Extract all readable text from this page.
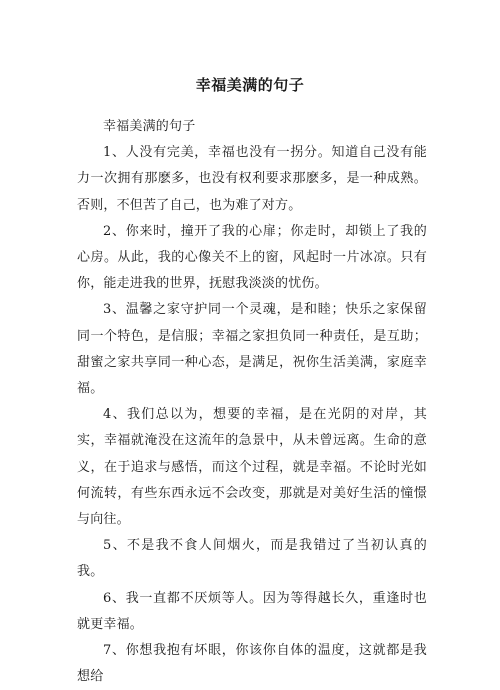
幸福美满的句子

幸福美满的句子

1、人没有完美，幸福也没有一拐分。知道自己没有能力一次拥有那麽多，也没有权利要求那麽多，是一种成熟。否则，不但苦了自己，也为难了对方。

2、你来时，撞开了我的心扉；你走时，却锁上了我的心房。从此，我的心像关不上的窗，风起时一片冰凉。只有你，能走进我的世界，抚慰我淡淡的忧伤。

3、温馨之家守护同一个灵魂，是和睦；快乐之家保留同一个特色，是信服；幸福之家担负同一种责任，是互助；甜蜜之家共享同一种心态，是满足，祝你生活美满，家庭幸福。

4、我们总以为，想要的幸福，是在光阴的对岸，其实，幸福就淹没在这流年的急景中，从未曾远离。生命的意义，在于追求与感悟，而这个过程，就是幸福。不论时光如何流转，有些东西永远不会改变，那就是对美好生活的憧憬与向往。

5、不是我不食人间烟火，而是我错过了当初认真的我。

6、我一直都不厌烦等人。因为等得越长久，重逢时也就更幸福。

7、你想我抱有坏眼，你该你自体的温度，这就都是我想给
